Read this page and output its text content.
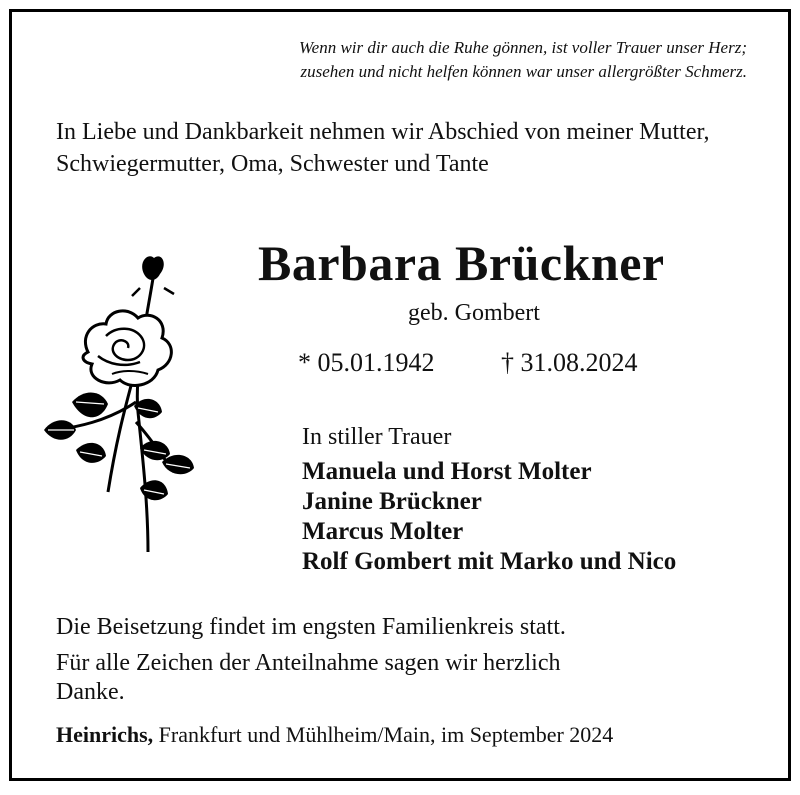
Wenn wir dir auch die Ruhe gönnen, ist voller Trauer unser Herz;
zusehen und nicht helfen können war unser allergrößter Schmerz.
In Liebe und Dankbarkeit nehmen wir Abschied von meiner Mutter, Schwiegermutter, Oma, Schwester und Tante
Barbara Brückner
geb. Gombert
* 05.01.1942	† 31.08.2024
In stiller Trauer
Manuela und Horst Molter
Janine Brückner
Marcus Molter
Rolf Gombert mit Marko und Nico
Die Beisetzung findet im engsten Familienkreis statt.
Für alle Zeichen der Anteilnahme sagen wir herzlich
Danke.
Heinrichs, Frankfurt und Mühlheim/Main, im September 2024
